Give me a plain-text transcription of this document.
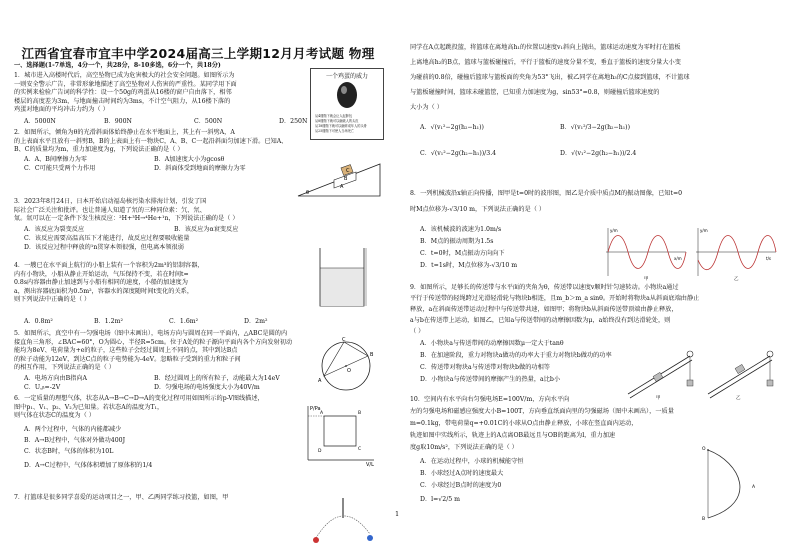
江西省宜春市宜丰中学2024届高三上学期12月月考试题 物理
一、选择题(1-7单选，4分一个，共28分，8-10多选，6分一个，共18分)
1．城市进入高楼时代后，高空坠物已成为危害极大的社会安全问题。如图所示为
一则安全警示广告，非常形象地描述了高空坠物对人伤害的严重性。某同学用下面
的实例来检验广告词的科学性：设一个50g的鸡蛋从16楼的窗户自由落下，相邻
楼层的高度差为3m，与地面撞击时间约为3ms，不计空气阻力，从16楼下落的
鸡蛋对地面的平均冲击力约为（ ）
A．5000N	B．900N	C．500N	D．250N
一个鸡蛋的威力
从4楼抛下就会让人起肿包
从8楼抛下就可以砸破人的头皮
从18楼抛下就可以砸碎成年人的头骨
从25楼抛下可使人当场死亡
2．如图所示，倾角为θ的光滑斜面体始终静止在水平地面上，其上有一斜劈A，A
的上表面水平且放有一斜劈B，B的上表面上有一物块C，A、B、C一起沿斜面匀加速下滑。已知A、
B、C的质量均为m，重力加速度为g，下列说法正确的是（ ）
A．A、B间摩擦力为零	B．A加速度大小为gcosθ
C．C可能只受两个力作用	D．斜面体受到地面的摩擦力为零	C
B
A
θ
3．2023年8月24日，日本开始启动福岛核污染水排海计划，引发了国
际社会广泛关注和批评。也让普通人知道了氘的三种同位素：氕、氘、
氚。氚可以在一定条件下发生核反应：²H+³H→⁴He+¹n，下列说法正确的是（ ）
A．该反应为裂变反应	B．该反应为α衰变反应
C．该反应需要高温高压下才能进行，故反应过程要吸收能量
D．该反应过程中释放的¹n贯穿本领很强，但电离本领很弱
4．一艘已在水平面上航行的小船上装有一个容积为2m³的铝制容器，
内有小物块，小船从静止开始运动，气压保持不变，若在时间t=
0.8s内容器由静止加速到与小船有相同的速度，小船的加速度为
a，测出容器底面积为0.5m²，容器水的深度随时间t变化的关系，
则下列说法中正确的是（ ）
A．0.8m²	B．1.2m²	C．1.6m²	D．2m²
5．如图所示，真空中有一匀强电场（图中未画出），电场方向与圆周在同一平面内，△ABC是圆的内
接直角三角形，∠BAC=60°，O为圆心，半径R=5cm。位于A处的粒子源向平面内各个方向发射初动
能均为8eV、电荷量为+e的粒子，这些粒子会经过圆周上不同的点，其中到达B点
的粒子动能为12eV，到达C点的粒子电势能为-4eV。忽略粒子受到的重力和粒子间
的相互作用，下列说法正确的是（ ）
A．电场方向由B指向A	B．经过圆周上的所有粒子，动能最大为14eV
C．U꜀ᵦ=-2V	D．匀强电场的电场强度大小为40V/m
A
B
C
O
6．一定质量的理想气体，状态从A→B→C→D→A的变化过程可用如图所示的p-V图线描述，
图中p₁、V₁、p₂、V₂为已知量。若状态A的温度为T₁，
则气体在状态C的温度为（ ）
A．两个过程中，气体的内能都减少
B．A→B过程中，气体对外做功400J
C．状态B时，气体的体积为10L
D．A→C过程中，气体体积增加了原体积的1/4
P/Pa
V/L
A	B
C
D
7．打篮球是很多同学喜爱的运动项目之一，甲、乙两同学练习投篮，如图，甲
同学在A点起跳投篮，将篮球在离地高h₁的位置以速度v₁斜向上抛出，篮球运动速度为零时打在篮板
上离地高h₂的B点，篮球与篮板碰撞后，平行于篮板的速度分量不变，垂直于篮板的速度分量大小变
为碰前的0.8倍，碰撞后篮球与篮板面的夹角为53°飞出，被乙同学在离地h₃的C点接到篮球，不计篮球
与篮板碰撞时间，篮球未碰篮筐，已知重力加速度为g，sin53°=0.8，则碰撞后篮球速度的
大小为（ ）
A．√(v₁²−2g(h₂−h₁))	B．√(v₁²/3−2g(h₂−h₁))
C．√(v₁²−2g(h₂−h₁))/3.4	D．√(v₁²−2g(h₂−h₁))/2.4
8．一列机械波沿x轴正向传播，图甲是t=0时的波形图，图乙是介质中质点M的振动图像，已知t=0
时M点位移为-√3/10 m，下列说法正确的是（ ）
A．该机械波的波速为1.0m/s
B．M点的振动周期为1.5s
C．t=0时，M点振动方向向下
D．t=1s时，M点位移为-√3/10 m
y/m
x/m
甲
y/m
t/s
乙
9．如图所示，足够长的传送带与水平面的夹角为θ，传送带以速度v顺时针匀速转动。小物块a通过
平行于传送带的轻绳跨过光滑轻滑轮与物块b相连，且m_b＞m_a sinθ。开始时将物块a从斜面底端由静止
释放，a在斜面传送带运动过程中与传送带共速，如图甲；将物块b从斜面传送带顶端由静止释放，
a与b在传送带上运动，如图乙，已知a与传送带间的动摩擦因数为μ，a始终没有到达滑轮处，则
（ ）
A．小物块a与传送带间的动摩擦因数μ一定大于tanθ
B．在加速阶段，重力对物块a做功的功率大于重力对物块b做功的功率
C．传送带对物块a与传送带对物块b做的功相等
D．小物块a与传送带间的摩擦产生的热量，a比b小
甲	乙
10．空间内有水平向右匀强电场E=100V/m，方向水平向
左的匀强电场和磁感应强度大小B=100T，方向垂直纸面向里的匀强磁场（图中未画出），一质量
m=0.1kg，带电荷量q=+0.01C的小球从O点由静止释放，小球在竖直面内运动，
轨迹如图中实线所示，轨迹上的A点离OB最远且与OB的距离为l，重力加速
度g取10m/s²，下列说法正确的是（ ）
A．在运动过程中，小球的机械能守恒
B．小球经过A点时的速度最大
C．小球经过B点时的速度为0
D．l=√2/5 m
O
A
B
1
